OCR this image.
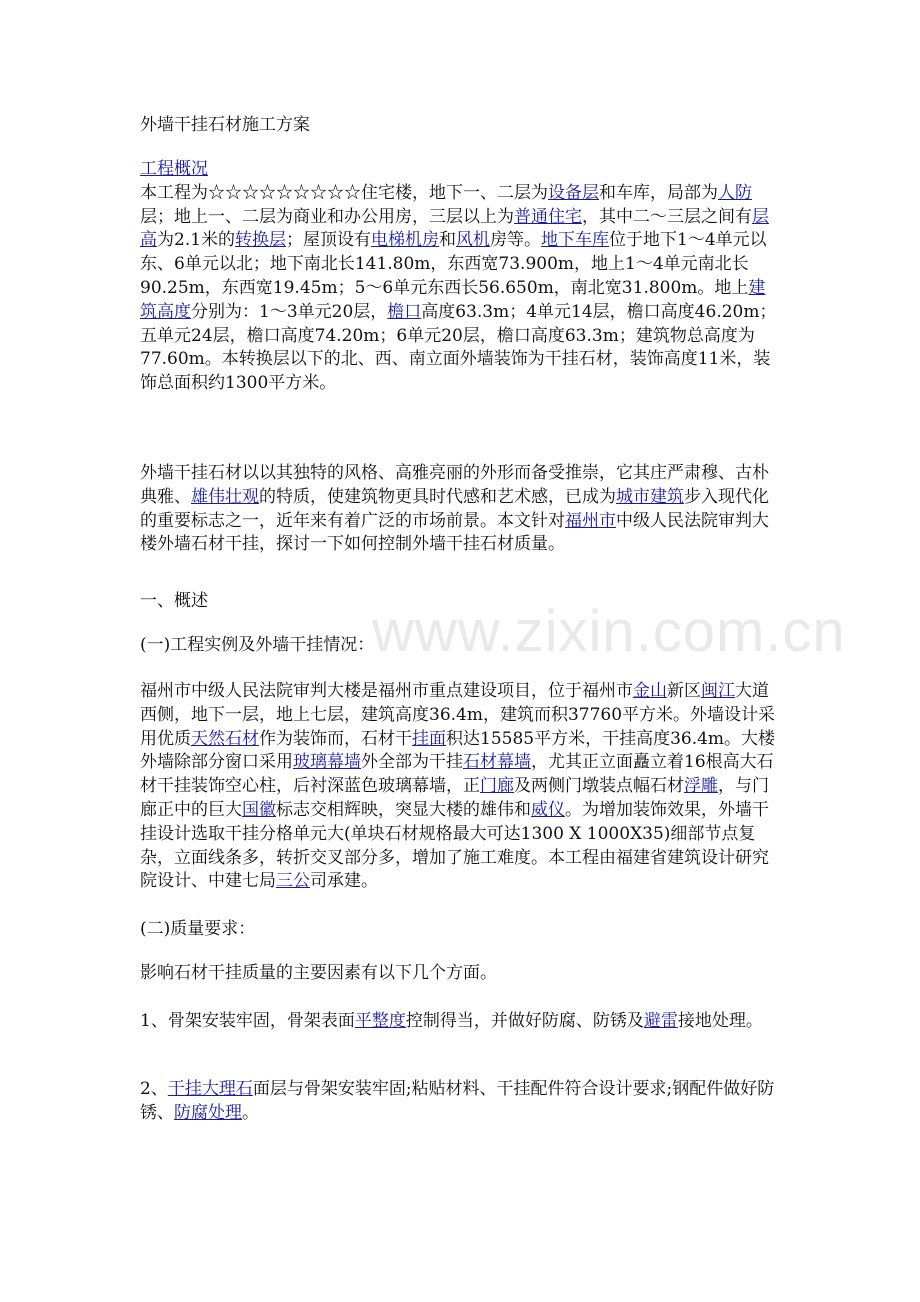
www.zixin.com.cn

外墙干挂石材施工方案

工程概况
本工程为☆☆☆☆☆☆☆☆☆住宅楼，地下一、二层为设备层和车库，局部为人防层；地上一、二层为商业和办公用房，三层以上为普通住宅，其中二～三层之间有层高为2.1米的转换层；屋顶设有电梯机房和风机房等。地下车库位于地下1～4单元以东、6单元以北；地下南北长141.80m，东西宽73.900m，地上1～4单元南北长90.25m，东西宽19.45m；5～6单元东西长56.650m，南北宽31.800m。地上建筑高度分别为：1～3单元20层，檐口高度63.3m；4单元14层，檐口高度46.20m；五单元24层，檐口高度74.20m；6单元20层，檐口高度63.3m；建筑物总高度为77.60m。本转换层以下的北、西、南立面外墙装饰为干挂石材，装饰高度11米，装饰总面积约1300平方米。

外墙干挂石材以以其独特的风格、高雅亮丽的外形而备受推崇，它其庄严肃穆、古朴典雅、雄伟壮观的特质，使建筑物更具时代感和艺术感，已成为城市建筑步入现代化的重要标志之一，近年来有着广泛的市场前景。本文针对福州市中级人民法院审判大楼外墙石材干挂，探讨一下如何控制外墙干挂石材质量。

一、概述

(一)工程实例及外墙干挂情况：

福州市中级人民法院审判大楼是福州市重点建设项目，位于福州市金山新区闽江大道西侧，地下一层，地上七层，建筑高度36.4m，建筑而积37760平方米。外墙设计采用优质天然石材作为装饰而，石材干挂面积达15585平方米，干挂高度36.4m。大楼外墙除部分窗口采用玻璃幕墙外全部为干挂石材幕墙，尤其正立面矗立着16根高大石材干挂装饰空心柱，后衬深蓝色玻璃幕墙，正门廊及两侧门墩装点幅石材浮雕，与门廊正中的巨大国徽标志交相辉映，突显大楼的雄伟和威仪。为增加装饰效果，外墙干挂设计选取干挂分格单元大(单块石材规格最大可达1300 X 1000X35)细部节点复杂，立面线条多，转折交叉部分多，增加了施工难度。本工程由福建省建筑设计研究院设计、中建七局三公司承建。

(二)质量要求：

影响石材干挂质量的主要因素有以下几个方面。

1、骨架安装牢固，骨架表面平整度控制得当，并做好防腐、防锈及避雷接地处理。

2、干挂大理石面层与骨架安装牢固;粘贴材料、干挂配件符合设计要求;钢配件做好防锈、防腐处理。
